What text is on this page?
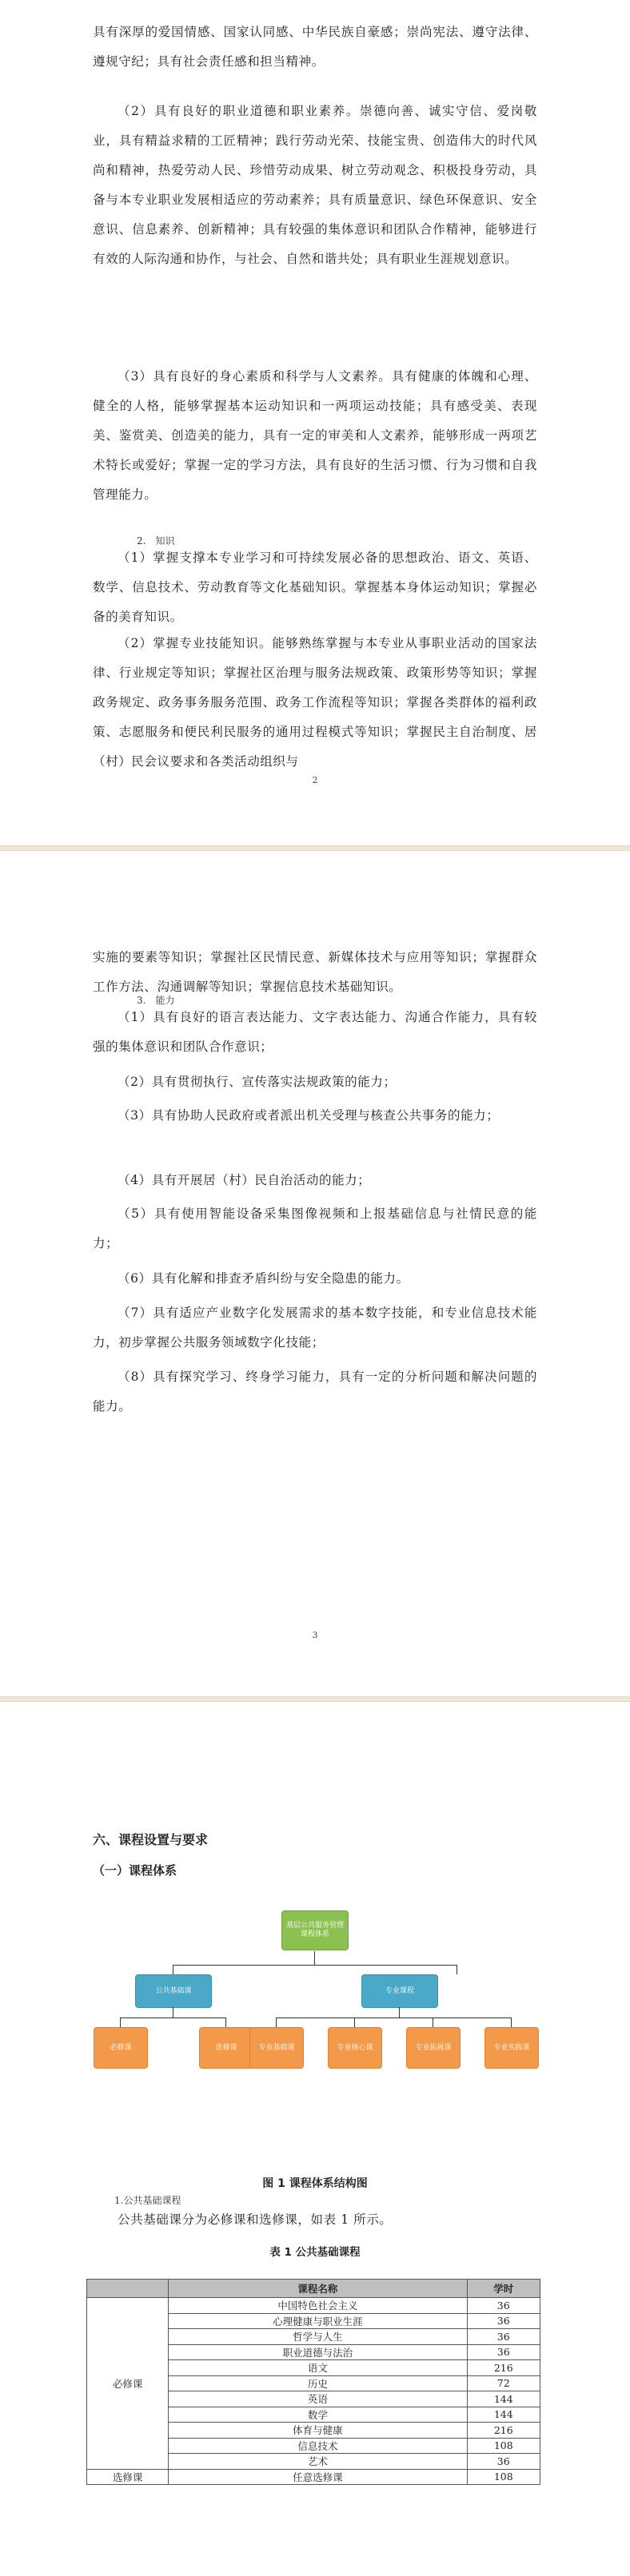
具有深厚的爱国情感、国家认同感、中华民族自豪感；崇尚宪法、遵守法律、遵规守纪；具有社会责任感和担当精神。

（2）具有良好的职业道德和职业素养。崇德向善、诚实守信、爱岗敬业，具有精益求精的工匠精神；践行劳动光荣、技能宝贵、创造伟大的时代风尚和精神，热爱劳动人民、珍惜劳动成果、树立劳动观念、积极投身劳动，具备与本专业职业发展相适应的劳动素养；具有质量意识、绿色环保意识、安全意识、信息素养、创新精神；具有较强的集体意识和团队合作精神，能够进行有效的人际沟通和协作，与社会、自然和谐共处；具有职业生涯规划意识。

（3）具有良好的身心素质和科学与人文素养。具有健康的体魄和心理、健全的人格，能够掌握基本运动知识和一两项运动技能；具有感受美、表现美、鉴赏美、创造美的能力，具有一定的审美和人文素养，能够形成一两项艺术特长或爱好；掌握一定的学习方法，具有良好的生活习惯、行为习惯和自我管理能力。

2.　知识

（1）掌握支撑本专业学习和可持续发展必备的思想政治、语文、英语、数学、信息技术、劳动教育等文化基础知识。掌握基本身体运动知识；掌握必备的美育知识。

（2）掌握专业技能知识。能够熟练掌握与本专业从事职业活动的国家法律、行业规定等知识；掌握社区治理与服务法规政策、政策形势等知识；掌握政务规定、政务事务服务范围、政务工作流程等知识；掌握各类群体的福利政策、志愿服务和便民利民服务的通用过程模式等知识；掌握民主自治制度、居（村）民会议要求和各类活动组织与

2

实施的要素等知识；掌握社区民情民意、新媒体技术与应用等知识；掌握群众工作方法、沟通调解等知识；掌握信息技术基础知识。

3.　能力

（1）具有良好的语言表达能力、文字表达能力、沟通合作能力，具有较强的集体意识和团队合作意识；

（2）具有贯彻执行、宣传落实法规政策的能力；

（3）具有协助人民政府或者派出机关受理与核查公共事务的能力；

（4）具有开展居（村）民自治活动的能力；

（5）具有使用智能设备采集图像视频和上报基础信息与社情民意的能力；

（6）具有化解和排查矛盾纠纷与安全隐患的能力。

（7）具有适应产业数字化发展需求的基本数字技能，和专业信息技术能力，初步掌握公共服务领域数字化技能；

（8）具有探究学习、终身学习能力，具有一定的分析问题和解决问题的能力。

3
六、课程设置与要求
（一）课程体系
基层公共服务管理课程体系
公共基础课	专业课程
必修课	选修课	专业基础课	专业核心课	专业拓展课	专业实践课
图 1 课程体系结构图
1.公共基础课程

公共基础课分为必修课和选修课，如表 1 所示。

表 1 公共基础课程
	课程名称	学时
必修课	中国特色社会主义	36
	心理健康与职业生涯	36
	哲学与人生	36
	职业道德与法治	36
	语文	216
	历史	72
	英语	144
	数学	144
	体育与健康	216
	信息技术	108
	艺术	36
选修课	任意选修课	108
